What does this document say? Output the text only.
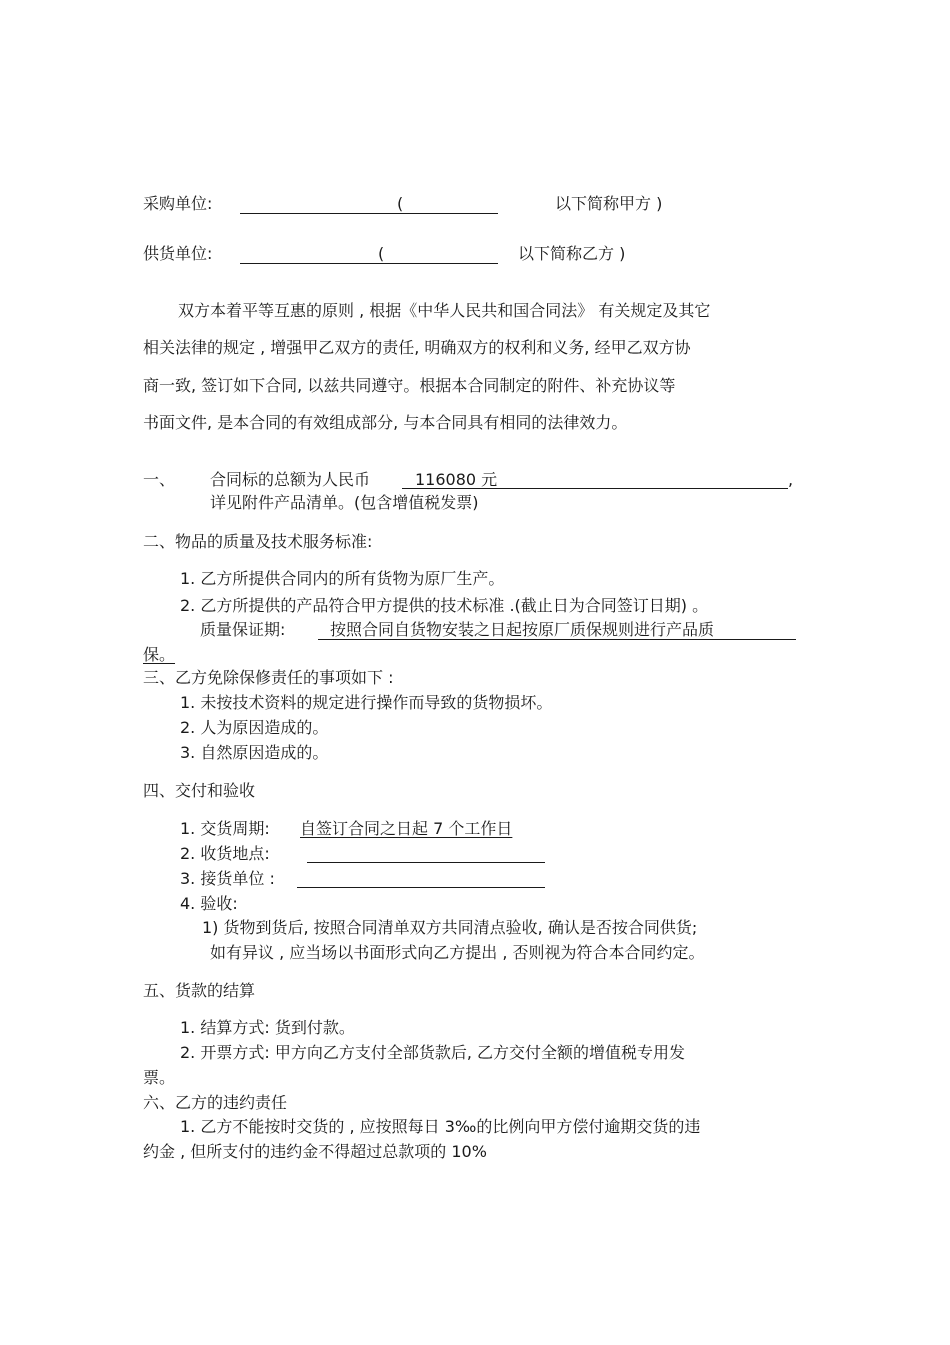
采购单位:	(	以下简称甲方 )
供货单位:	(	以下简称乙方 )
双方本着平等互惠的原则 , 根据《中华人民共和国合同法》 有关规定及其它
相关法律的规定 , 增强甲乙双方的责任, 明确双方的权利和义务, 经甲乙双方协
商一致, 签订如下合同, 以兹共同遵守。根据本合同制定的附件、补充协议等
书面文件, 是本合同的有效组成部分, 与本合同具有相同的法律效力。
一、 合同标的总额为人民币	116080 元	,
详见附件产品清单。(包含增值税发票)
二、物品的质量及技术服务标准:
1. 乙方所提供合同内的所有货物为原厂生产。
2. 乙方所提供的产品符合甲方提供的技术标准 .(截止日为合同签订日期) 。
质量保证期:	按照合同自货物安装之日起按原厂质保规则进行产品质
保。
三、乙方免除保修责任的事项如下 :
1. 未按技术资料的规定进行操作而导致的货物损坏。
2. 人为原因造成的。
3. 自然原因造成的。
四、交付和验收
1. 交货周期: 自签订合同之日起 7 个工作日
2. 收货地点:
3. 接货单位 :
4. 验收:
1) 货物到货后, 按照合同清单双方共同清点验收, 确认是否按合同供货;
如有异议 , 应当场以书面形式向乙方提出 , 否则视为符合本合同约定。
五、货款的结算
1. 结算方式: 货到付款。
2. 开票方式: 甲方向乙方支付全部货款后, 乙方交付全额的增值税专用发
票。
六、乙方的违约责任
1. 乙方不能按时交货的 , 应按照每日 3‰的比例向甲方偿付逾期交货的违
约金 , 但所支付的违约金不得超过总款项的 10%
